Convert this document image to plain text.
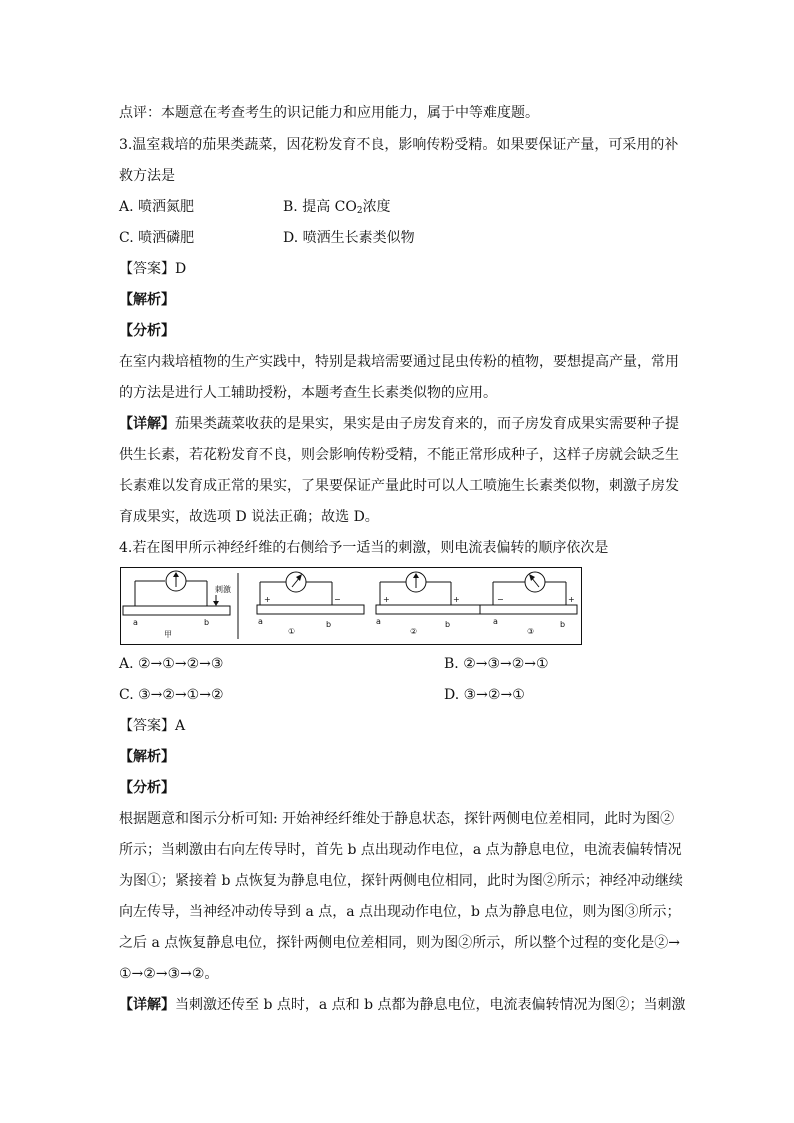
点评：本题意在考查考生的识记能力和应用能力，属于中等难度题。
3.温室栽培的茄果类蔬菜，因花粉发育不良，影响传粉受精。如果要保证产量，可采用的补
救方法是
A. 喷洒氮肥	B. 提高 $CO_2$浓度
C. 喷洒磷肥	D. 喷洒生长素类似物
【答案】D
【解析】
【分析】
在室内栽培植物的生产实践中，特别是栽培需要通过昆虫传粉的植物，要想提高产量，常用
的方法是进行人工辅助授粉，本题考查生长素类似物的应用。
【详解】茄果类蔬菜收获的是果实，果实是由子房发育来的，而子房发育成果实需要种子提
供生长素，若花粉发育不良，则会影响传粉受精，不能正常形成种子，这样子房就会缺乏生
长素难以发育成正常的果实，了果要保证产量此时可以人工喷施生长素类似物，刺激子房发
育成果实，故选项 D 说法正确；故选 D。
4.若在图甲所示神经纤维的右侧给予一适当的刺激，则电流表偏转的顺序依次是
刺激
a	b
甲
+	−
a	b
①
+	+
a	b
②
−	+
a	b
③
A. ②→①→②→③	B. ②→③→②→①
C. ③→②→①→②	D. ③→②→①
【答案】A
【解析】
【分析】
根据题意和图示分析可知: 开始神经纤维处于静息状态，探针两侧电位差相同，此时为图②
所示；当刺激由右向左传导时，首先 b 点出现动作电位，a 点为静息电位，电流表偏转情况
为图①；紧接着 b 点恢复为静息电位，探针两侧电位相同，此时为图②所示；神经冲动继续
向左传导，当神经冲动传导到 a 点，a 点出现动作电位，b 点为静息电位，则为图③所示；
之后 a 点恢复静息电位，探针两侧电位差相同，则为图②所示，所以整个过程的变化是②→
①→②→③→②。
【详解】当刺激还传至 b 点时，a 点和 b 点都为静息电位，电流表偏转情况为图②；当刺激
